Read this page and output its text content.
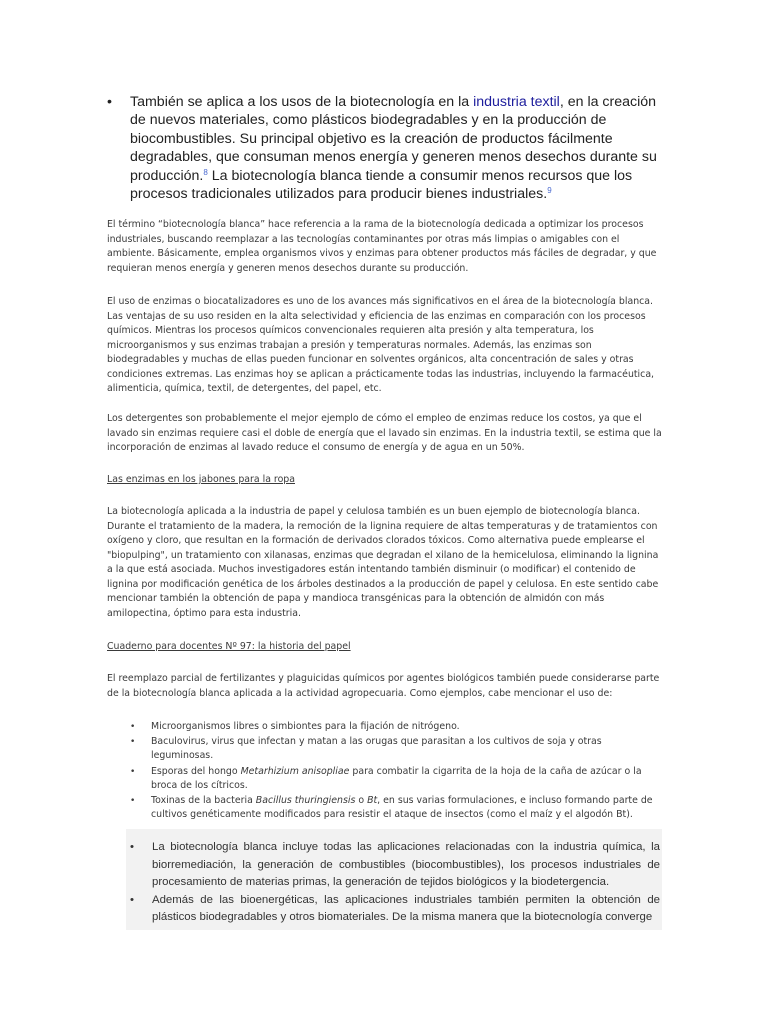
• También se aplica a los usos de la biotecnología en la industria textil, en la creación de nuevos materiales, como plásticos biodegradables y en la producción de biocombustibles. Su principal objetivo es la creación de productos fácilmente degradables, que consuman menos energía y generen menos desechos durante su producción.$^8$ La biotecnología blanca tiende a consumir menos recursos que los procesos tradicionales utilizados para producir bienes industriales.$^9$

El término “biotecnología blanca” hace referencia a la rama de la biotecnología dedicada a optimizar los procesos industriales, buscando reemplazar a las tecnologías contaminantes por otras más limpias o amigables con el ambiente. Básicamente, emplea organismos vivos y enzimas para obtener productos más fáciles de degradar, y que requieran menos energía y generen menos desechos durante su producción.

El uso de enzimas o biocatalizadores es uno de los avances más significativos en el área de la biotecnología blanca. Las ventajas de su uso residen en la alta selectividad y eficiencia de las enzimas en comparación con los procesos químicos. Mientras los procesos químicos convencionales requieren alta presión y alta temperatura, los microorganismos y sus enzimas trabajan a presión y temperaturas normales. Además, las enzimas son biodegradables y muchas de ellas pueden funcionar en solventes orgánicos, alta concentración de sales y otras condiciones extremas. Las enzimas hoy se aplican a prácticamente todas las industrias, incluyendo la farmacéutica, alimenticia, química, textil, de detergentes, del papel, etc.

Los detergentes son probablemente el mejor ejemplo de cómo el empleo de enzimas reduce los costos, ya que el lavado sin enzimas requiere casi el doble de energía que el lavado sin enzimas. En la industria textil, se estima que la incorporación de enzimas al lavado reduce el consumo de energía y de agua en un 50%.

Las enzimas en los jabones para la ropa

La biotecnología aplicada a la industria de papel y celulosa también es un buen ejemplo de biotecnología blanca. Durante el tratamiento de la madera, la remoción de la lignina requiere de altas temperaturas y de tratamientos con oxígeno y cloro, que resultan en la formación de derivados clorados tóxicos. Como alternativa puede emplearse el "biopulping", un tratamiento con xilanasas, enzimas que degradan el xilano de la hemicelulosa, eliminando la lignina a la que está asociada. Muchos investigadores están intentando también disminuir (o modificar) el contenido de lignina por modificación genética de los árboles destinados a la producción de papel y celulosa. En este sentido cabe mencionar también la obtención de papa y mandioca transgénicas para la obtención de almidón con más amilopectina, óptimo para esta industria.

Cuaderno para docentes Nº 97: la historia del papel

El reemplazo parcial de fertilizantes y plaguicidas químicos por agentes biológicos también puede considerarse parte de la biotecnología blanca aplicada a la actividad agropecuaria. Como ejemplos, cabe mencionar el uso de:

• Microorganismos libres o simbiontes para la fijación de nitrógeno.
• Baculovirus, virus que infectan y matan a las orugas que parasitan a los cultivos de soja y otras leguminosas.
• Esporas del hongo Metarhizium anisopliae para combatir la cigarrita de la hoja de la caña de azúcar o la broca de los cítricos.
• Toxinas de la bacteria Bacillus thuringiensis o Bt, en sus varias formulaciones, e incluso formando parte de cultivos genéticamente modificados para resistir el ataque de insectos (como el maíz y el algodón Bt).
• La biotecnología blanca incluye todas las aplicaciones relacionadas con la industria química, la biorremediación, la generación de combustibles (biocombustibles), los procesos industriales de procesamiento de materias primas, la generación de tejidos biológicos y la biodetergencia.
• Además de las bioenergéticas, las aplicaciones industriales también permiten la obtención de plásticos biodegradables y otros biomateriales. De la misma manera que la biotecnología converge
